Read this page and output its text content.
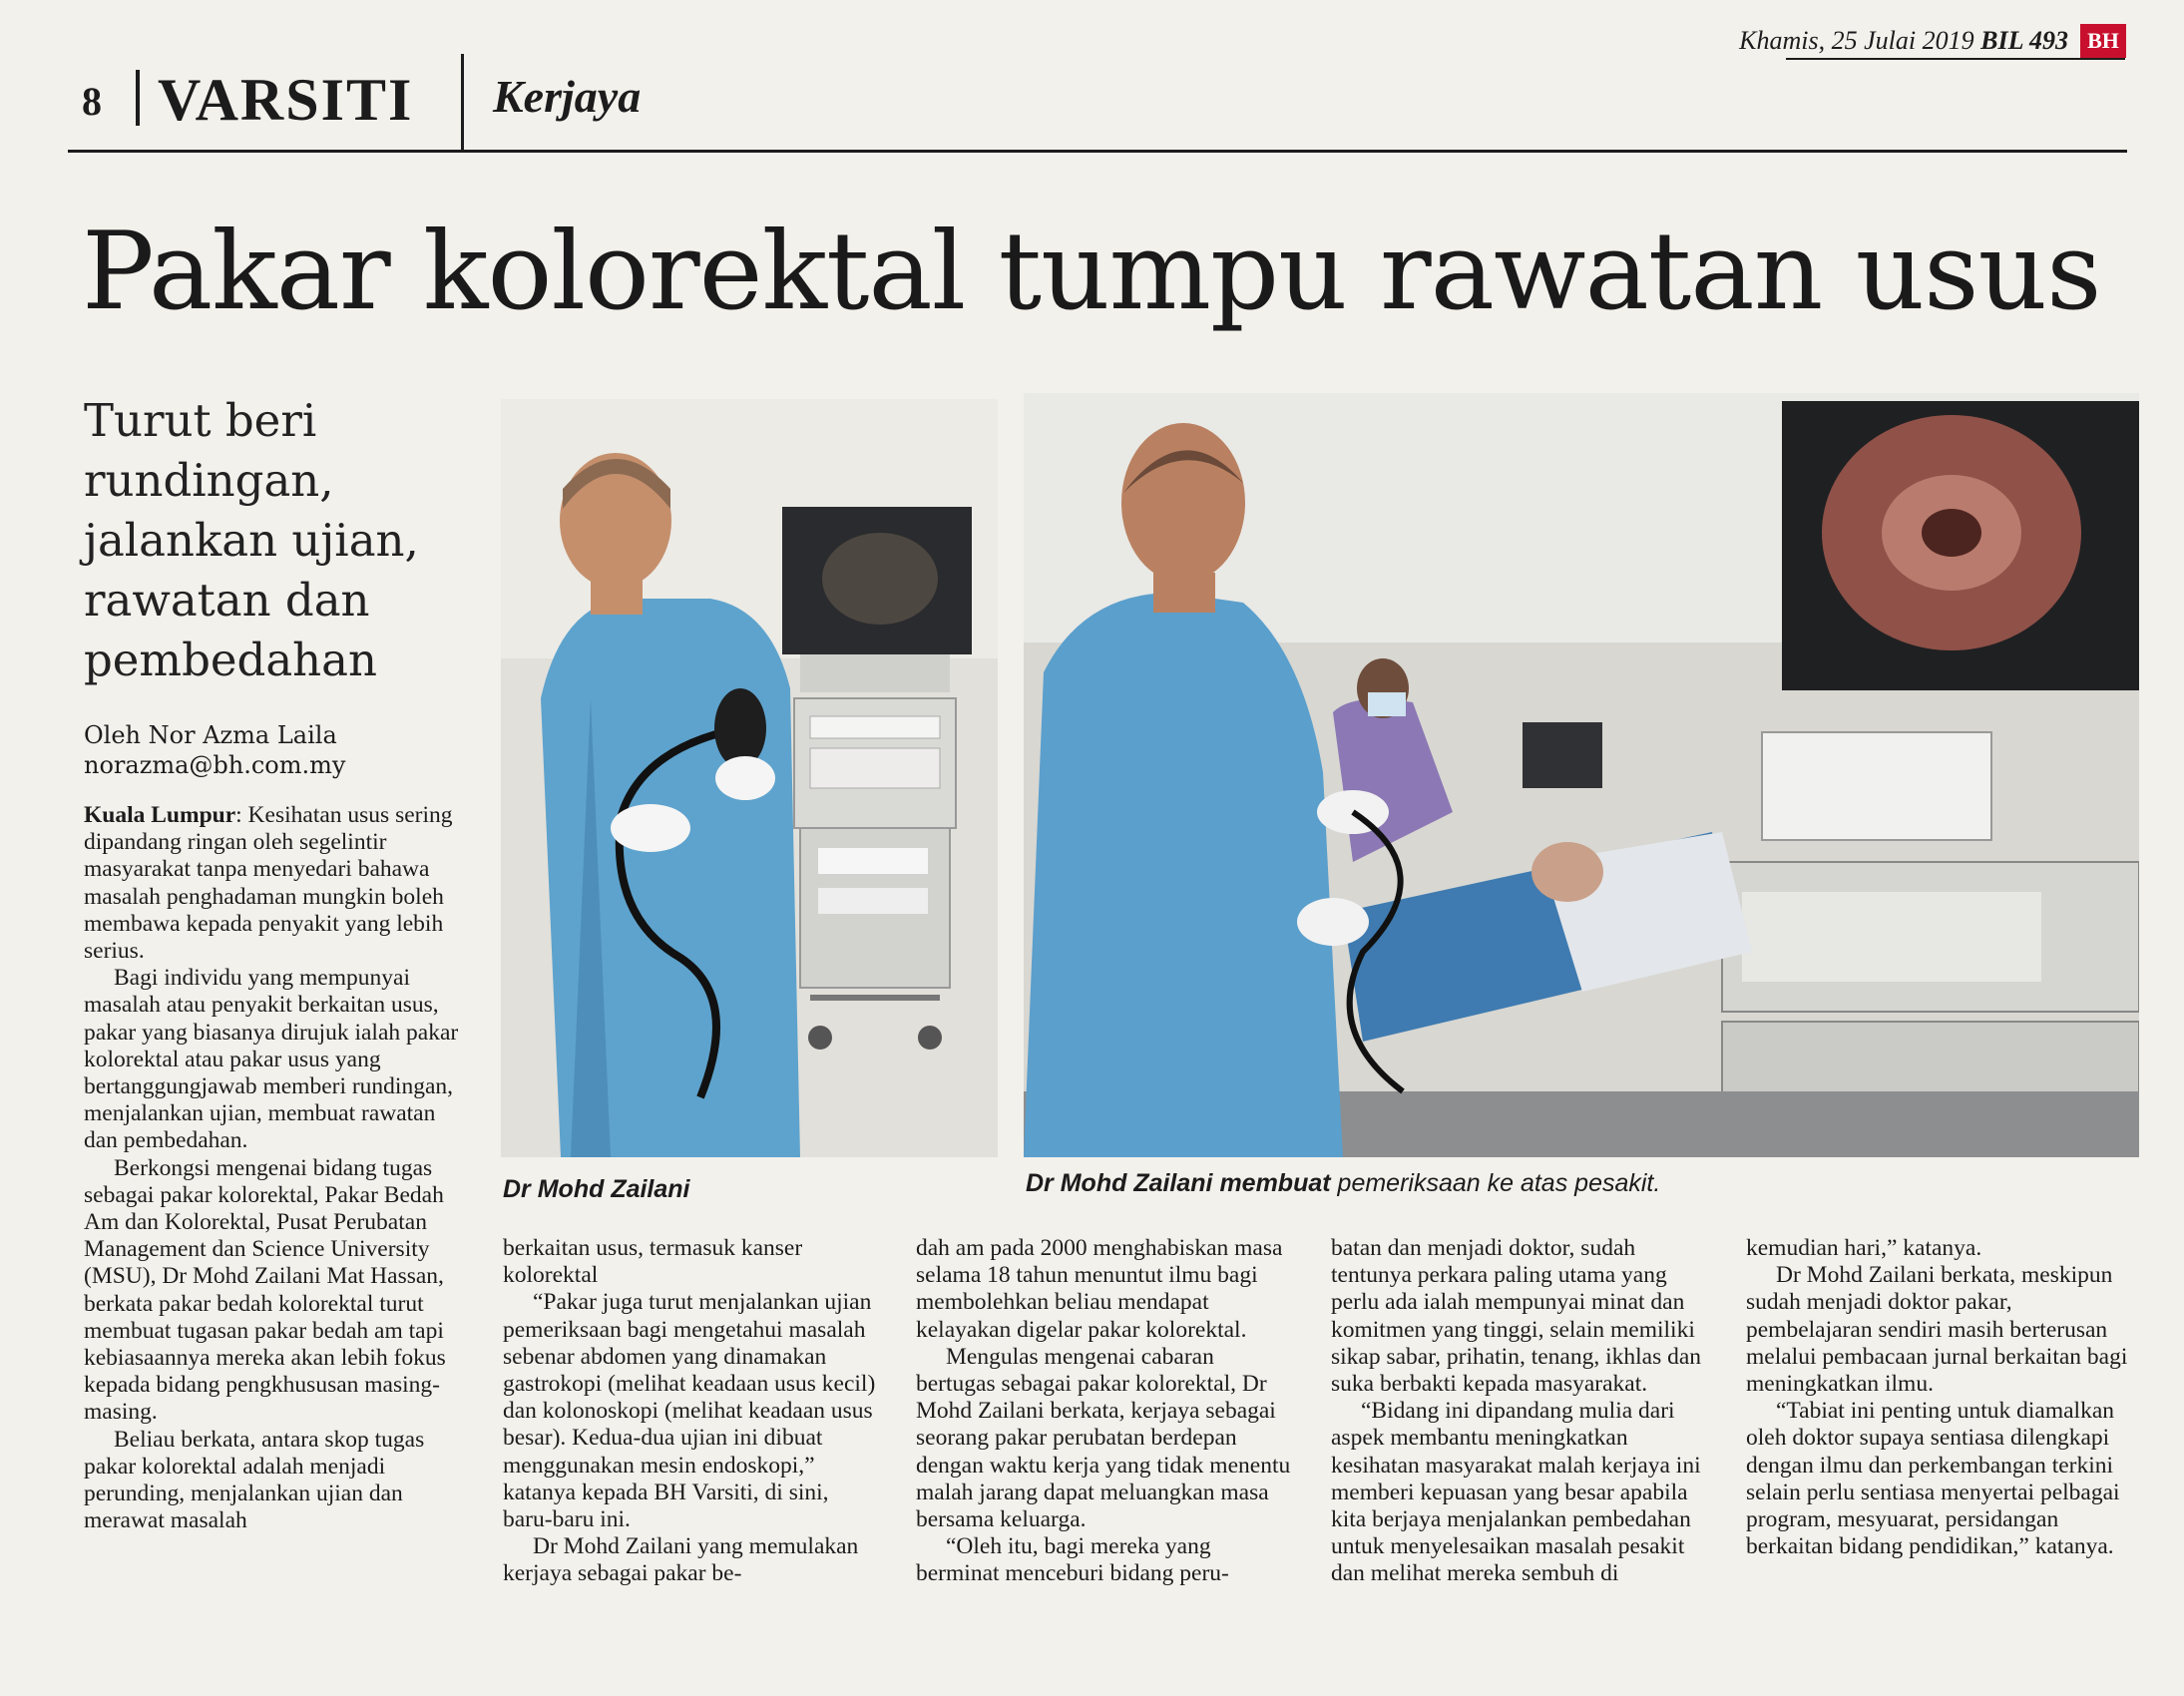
Khamis, 25 Julai 2019 BIL 493 BH
8 VARSITI Kerjaya
Pakar kolorektal tumpu rawatan usus
Turut beri
rundingan,
jalankan ujian,
rawatan dan
pembedahan
Oleh Nor Azma Laila
norazma@bh.com.my

Kuala Lumpur: Kesihatan usus sering dipandang ringan oleh segelintir masyarakat tanpa menyedari bahawa masalah penghadaman mungkin boleh membawa kepada penyakit yang lebih serius.

Bagi individu yang mempunyai masalah atau penyakit berkaitan usus, pakar yang biasanya dirujuk ialah pakar kolorektal atau pakar usus yang bertanggungjawab memberi rundingan, menjalankan ujian, membuat rawatan dan pembedahan.

Berkongsi mengenai bidang tugas sebagai pakar kolorektal, Pakar Bedah Am dan Kolorektal, Pusat Perubatan Management dan Science University (MSU), Dr Mohd Zailani Mat Hassan, berkata pakar bedah kolorektal turut membuat tugasan pakar bedah am tapi kebiasaannya mereka akan lebih fokus kepada bidang pengkhususan masing-masing.

Beliau berkata, antara skop tugas pakar kolorektal adalah menjadi perunding, menjalankan ujian dan merawat masalah

Dr Mohd Zailani	Dr Mohd Zailani membuat pemeriksaan ke atas pesakit.

berkaitan usus, termasuk kanser kolorektal

“Pakar juga turut menjalankan ujian pemeriksaan bagi mengetahui masalah sebenar abdomen yang dinamakan gastrokopi (melihat keadaan usus kecil) dan kolonoskopi (melihat keadaan usus besar). Kedua-dua ujian ini dibuat menggunakan mesin endoskopi,” katanya kepada BH Varsiti, di sini, baru-baru ini.

Dr Mohd Zailani yang memulakan kerjaya sebagai pakar be-

dah am pada 2000 menghabiskan masa selama 18 tahun menuntut ilmu bagi membolehkan beliau mendapat kelayakan digelar pakar kolorektal.

Mengulas mengenai cabaran bertugas sebagai pakar kolorektal, Dr Mohd Zailani berkata, kerjaya sebagai seorang pakar perubatan berdepan dengan waktu kerja yang tidak menentu malah jarang dapat meluangkan masa bersama keluarga.

“Oleh itu, bagi mereka yang berminat menceburi bidang peru-

batan dan menjadi doktor, sudah tentunya perkara paling utama yang perlu ada ialah mempunyai minat dan komitmen yang tinggi, selain memiliki sikap sabar, prihatin, tenang, ikhlas dan suka berbakti kepada masyarakat.

“Bidang ini dipandang mulia dari aspek membantu meningkatkan kesihatan masyarakat malah kerjaya ini memberi kepuasan yang besar apabila kita berjaya menjalankan pembedahan untuk menyelesaikan masalah pesakit dan melihat mereka sembuh di

kemudian hari,” katanya.

Dr Mohd Zailani berkata, meskipun sudah menjadi doktor pakar, pembelajaran sendiri masih berterusan melalui pembacaan jurnal berkaitan bagi meningkatkan ilmu.

“Tabiat ini penting untuk diamalkan oleh doktor supaya sentiasa dilengkapi dengan ilmu dan perkembangan terkini selain perlu sentiasa menyertai pelbagai program, mesyuarat, persidangan berkaitan bidang pendidikan,” katanya.
